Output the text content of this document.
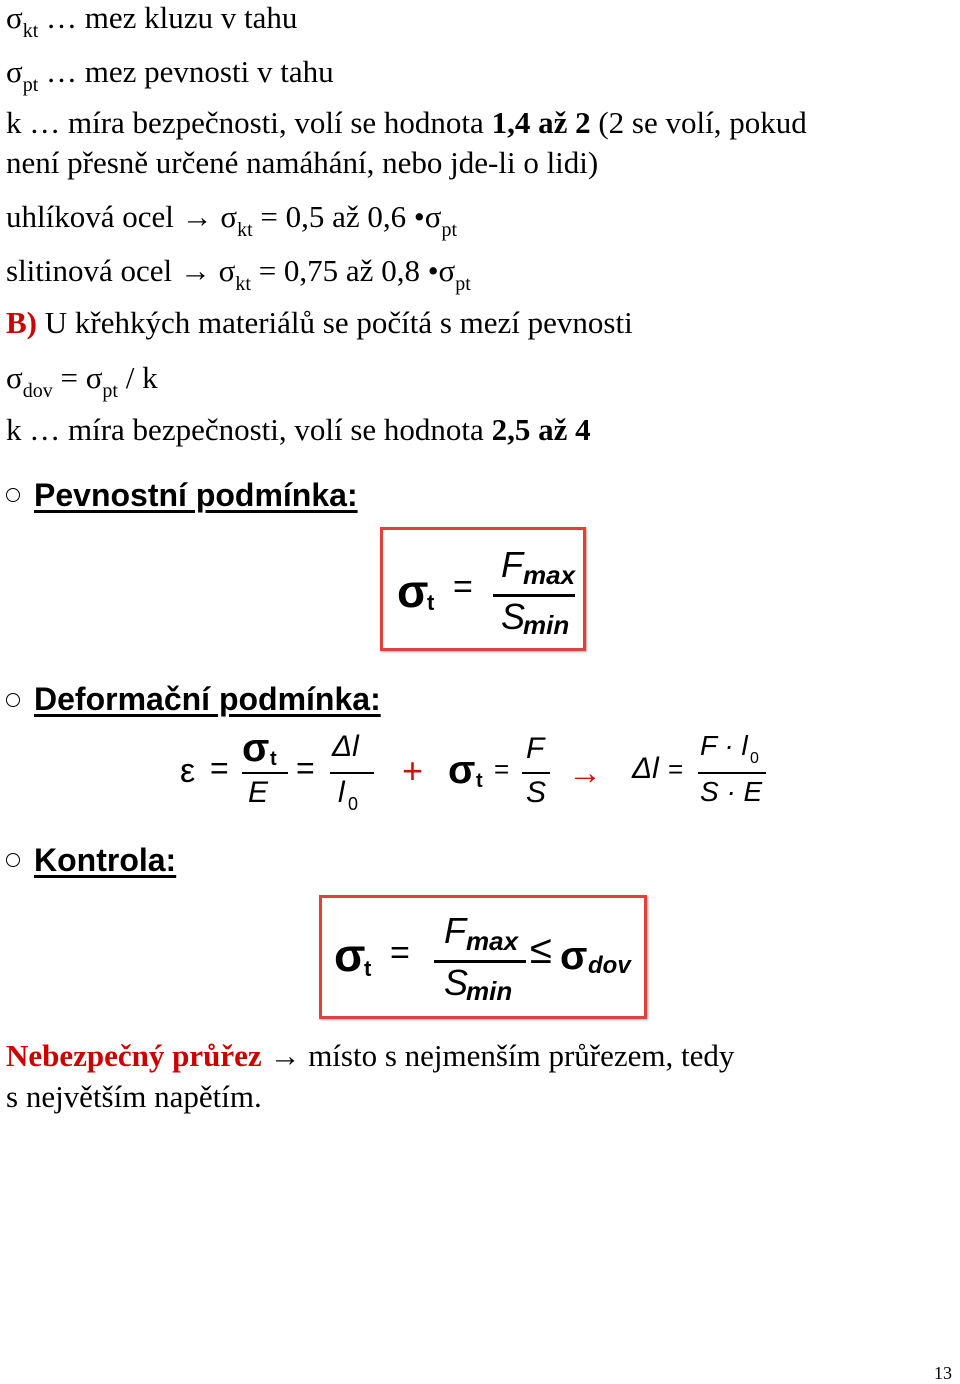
$\sigma_{kt}$ … mez kluzu v tahu
$\sigma_{pt}$ … mez pevnosti v tahu
k … míra bezpečnosti, volí se hodnota 1,4 až 2 (2 se volí, pokud
není přesně určené namáhání, nebo jde-li o lidi)
uhlíková ocel → $\sigma_{kt} = 0,5$ až 0,6 $•\sigma_{pt}$
slitinová ocel → $\sigma_{kt} = 0,75$ až 0,8 $•\sigma_{pt}$
B) U křehkých materiálů se počítá s mezí pevnosti
$\sigma_{dov} = \sigma_{pt} / k$
k … míra bezpečnosti, volí se hodnota 2,5 až 4
Pevnostní podmínka:
σ
t =
F max
S
min
Deformační podmínka:
ε = σ t
E
=
Δl
l 0
+ σ t =
F
S
→ Δl =
F · l 0
S · E
Kontrola:
σ
t =
F max
S
min
≤ σ dov
Nebezpečný průřez → místo s nejmenším průřezem, tedy
s největším napětím.
13
